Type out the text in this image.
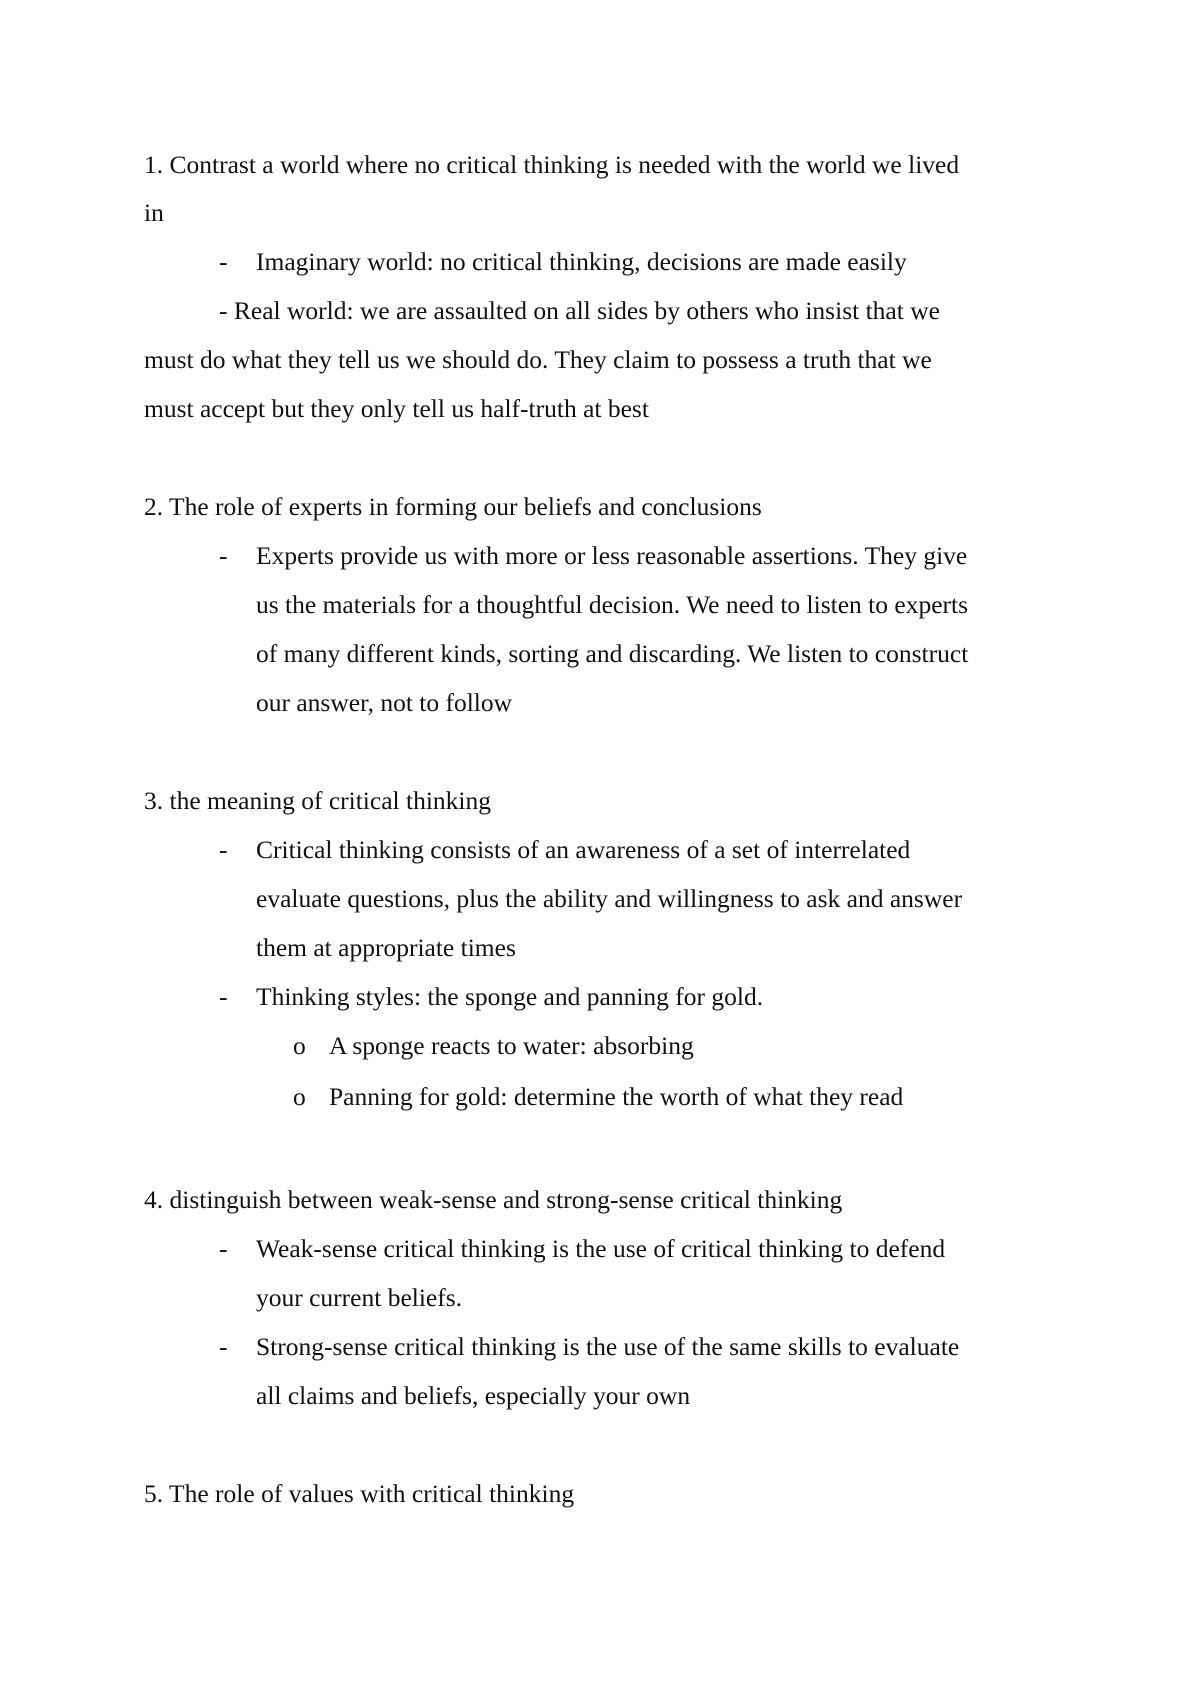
1. Contrast a world where no critical thinking is needed with the world we lived
in
- Imaginary world: no critical thinking, decisions are made easily
- Real world: we are assaulted on all sides by others who insist that we
must do what they tell us we should do. They claim to possess a truth that we
must accept but they only tell us half-truth at best
2. The role of experts in forming our beliefs and conclusions
- Experts provide us with more or less reasonable assertions. They give
us the materials for a thoughtful decision. We need to listen to experts
of many different kinds, sorting and discarding. We listen to construct
our answer, not to follow
3. the meaning of critical thinking
- Critical thinking consists of an awareness of a set of interrelated
evaluate questions, plus the ability and willingness to ask and answer
them at appropriate times
- Thinking styles: the sponge and panning for gold.
o A sponge reacts to water: absorbing
o Panning for gold: determine the worth of what they read
4. distinguish between weak-sense and strong-sense critical thinking
- Weak-sense critical thinking is the use of critical thinking to defend
your current beliefs.
- Strong-sense critical thinking is the use of the same skills to evaluate
all claims and beliefs, especially your own
5. The role of values with critical thinking
